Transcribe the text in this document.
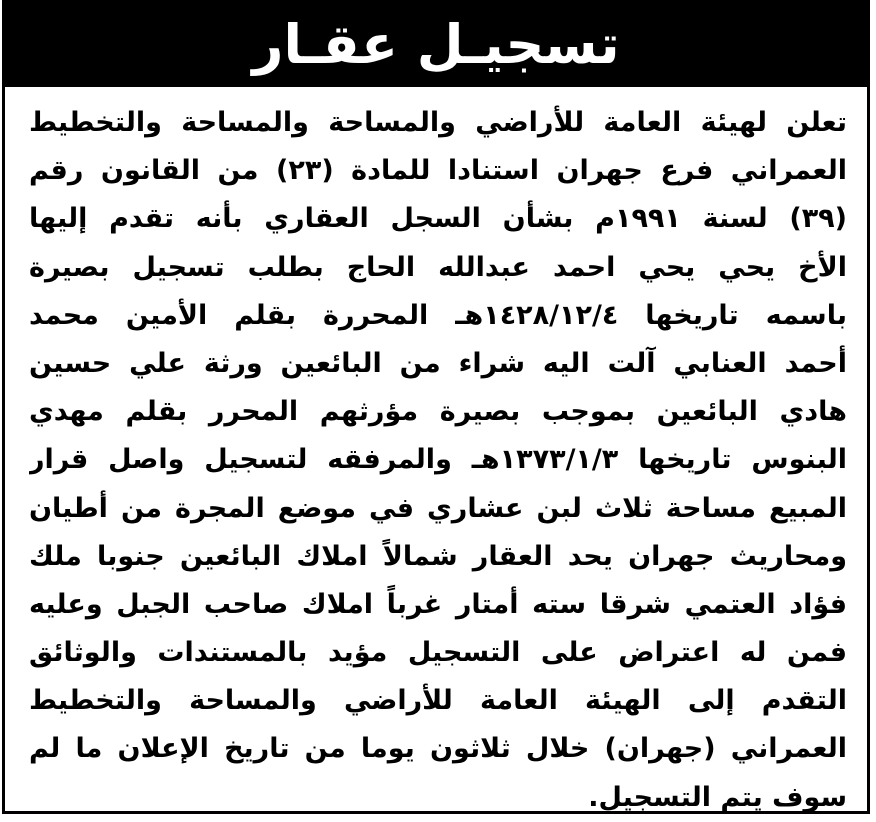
تسجيـل عقـار
تعلن لهيئة العامة للأراضي والمساحة والمساحة والتخطيط
العمراني فرع جهران استنادا للمادة (٢٣) من القانون رقم
(٣٩) لسنة ١٩٩١م بشأن السجل العقاري بأنه تقدم إليها
الأخ يحي يحي احمد عبدالله الحاج بطلب تسجيل بصيرة
باسمه تاريخها ١٤٢٨/١٢/٤هـ المحررة بقلم الأمين محمد
أحمد العنابي آلت اليه شراء من البائعين ورثة علي حسين
هادي البائعين بموجب بصيرة مؤرثهم المحرر بقلم مهدي
البنوس تاريخها ١٣٧٣/١/٣هـ والمرفقه لتسجيل واصل قرار
المبيع مساحة ثلاث لبن عشاري في موضع المجرة من أطيان
ومحاريث جهران يحد العقار شمالاً املاك البائعين جنوبا ملك
فؤاد العتمي شرقا سته أمتار غرباً املاك صاحب الجبل وعليه
فمن له اعتراض على التسجيل مؤيد بالمستندات والوثائق
التقدم إلى الهيئة العامة للأراضي والمساحة والتخطيط
العمراني (جهران) خلال ثلاثون يوما من تاريخ الإعلان ما لم
سوف يتم التسجيل.
